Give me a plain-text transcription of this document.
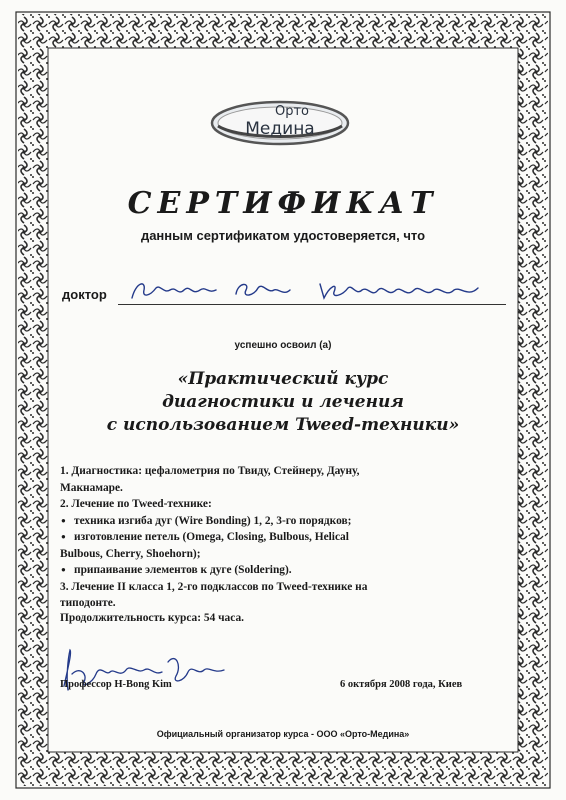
Орто
Медина
СЕРТИФИКАТ
данным сертификатом удостоверяется, что
доктор
успешно освоил (а)
«Практический курс
диагностики и лечения
с использованием Tweed-техники»
1. Диагностика: цефалометрия по Твиду, Стейнеру, Дауну,
Макнамаре.
2. Лечение по Tweed-технике:
● техника изгиба дуг (Wire Bonding) 1, 2, 3-го порядков;
● изготовление петель (Omega, Closing, Bulbous, Helical
Bulbous, Cherry, Shoehorn);
● припаивание элементов к дуге (Soldering).
3. Лечение II класса 1, 2-го подклассов по Tweed-технике на
типодонте.
Продолжительность курса: 54 часа.
Профессор H-Bong Kim	6 октября 2008 года, Киев
Официальный организатор курса - ООО «Орто-Медина»
